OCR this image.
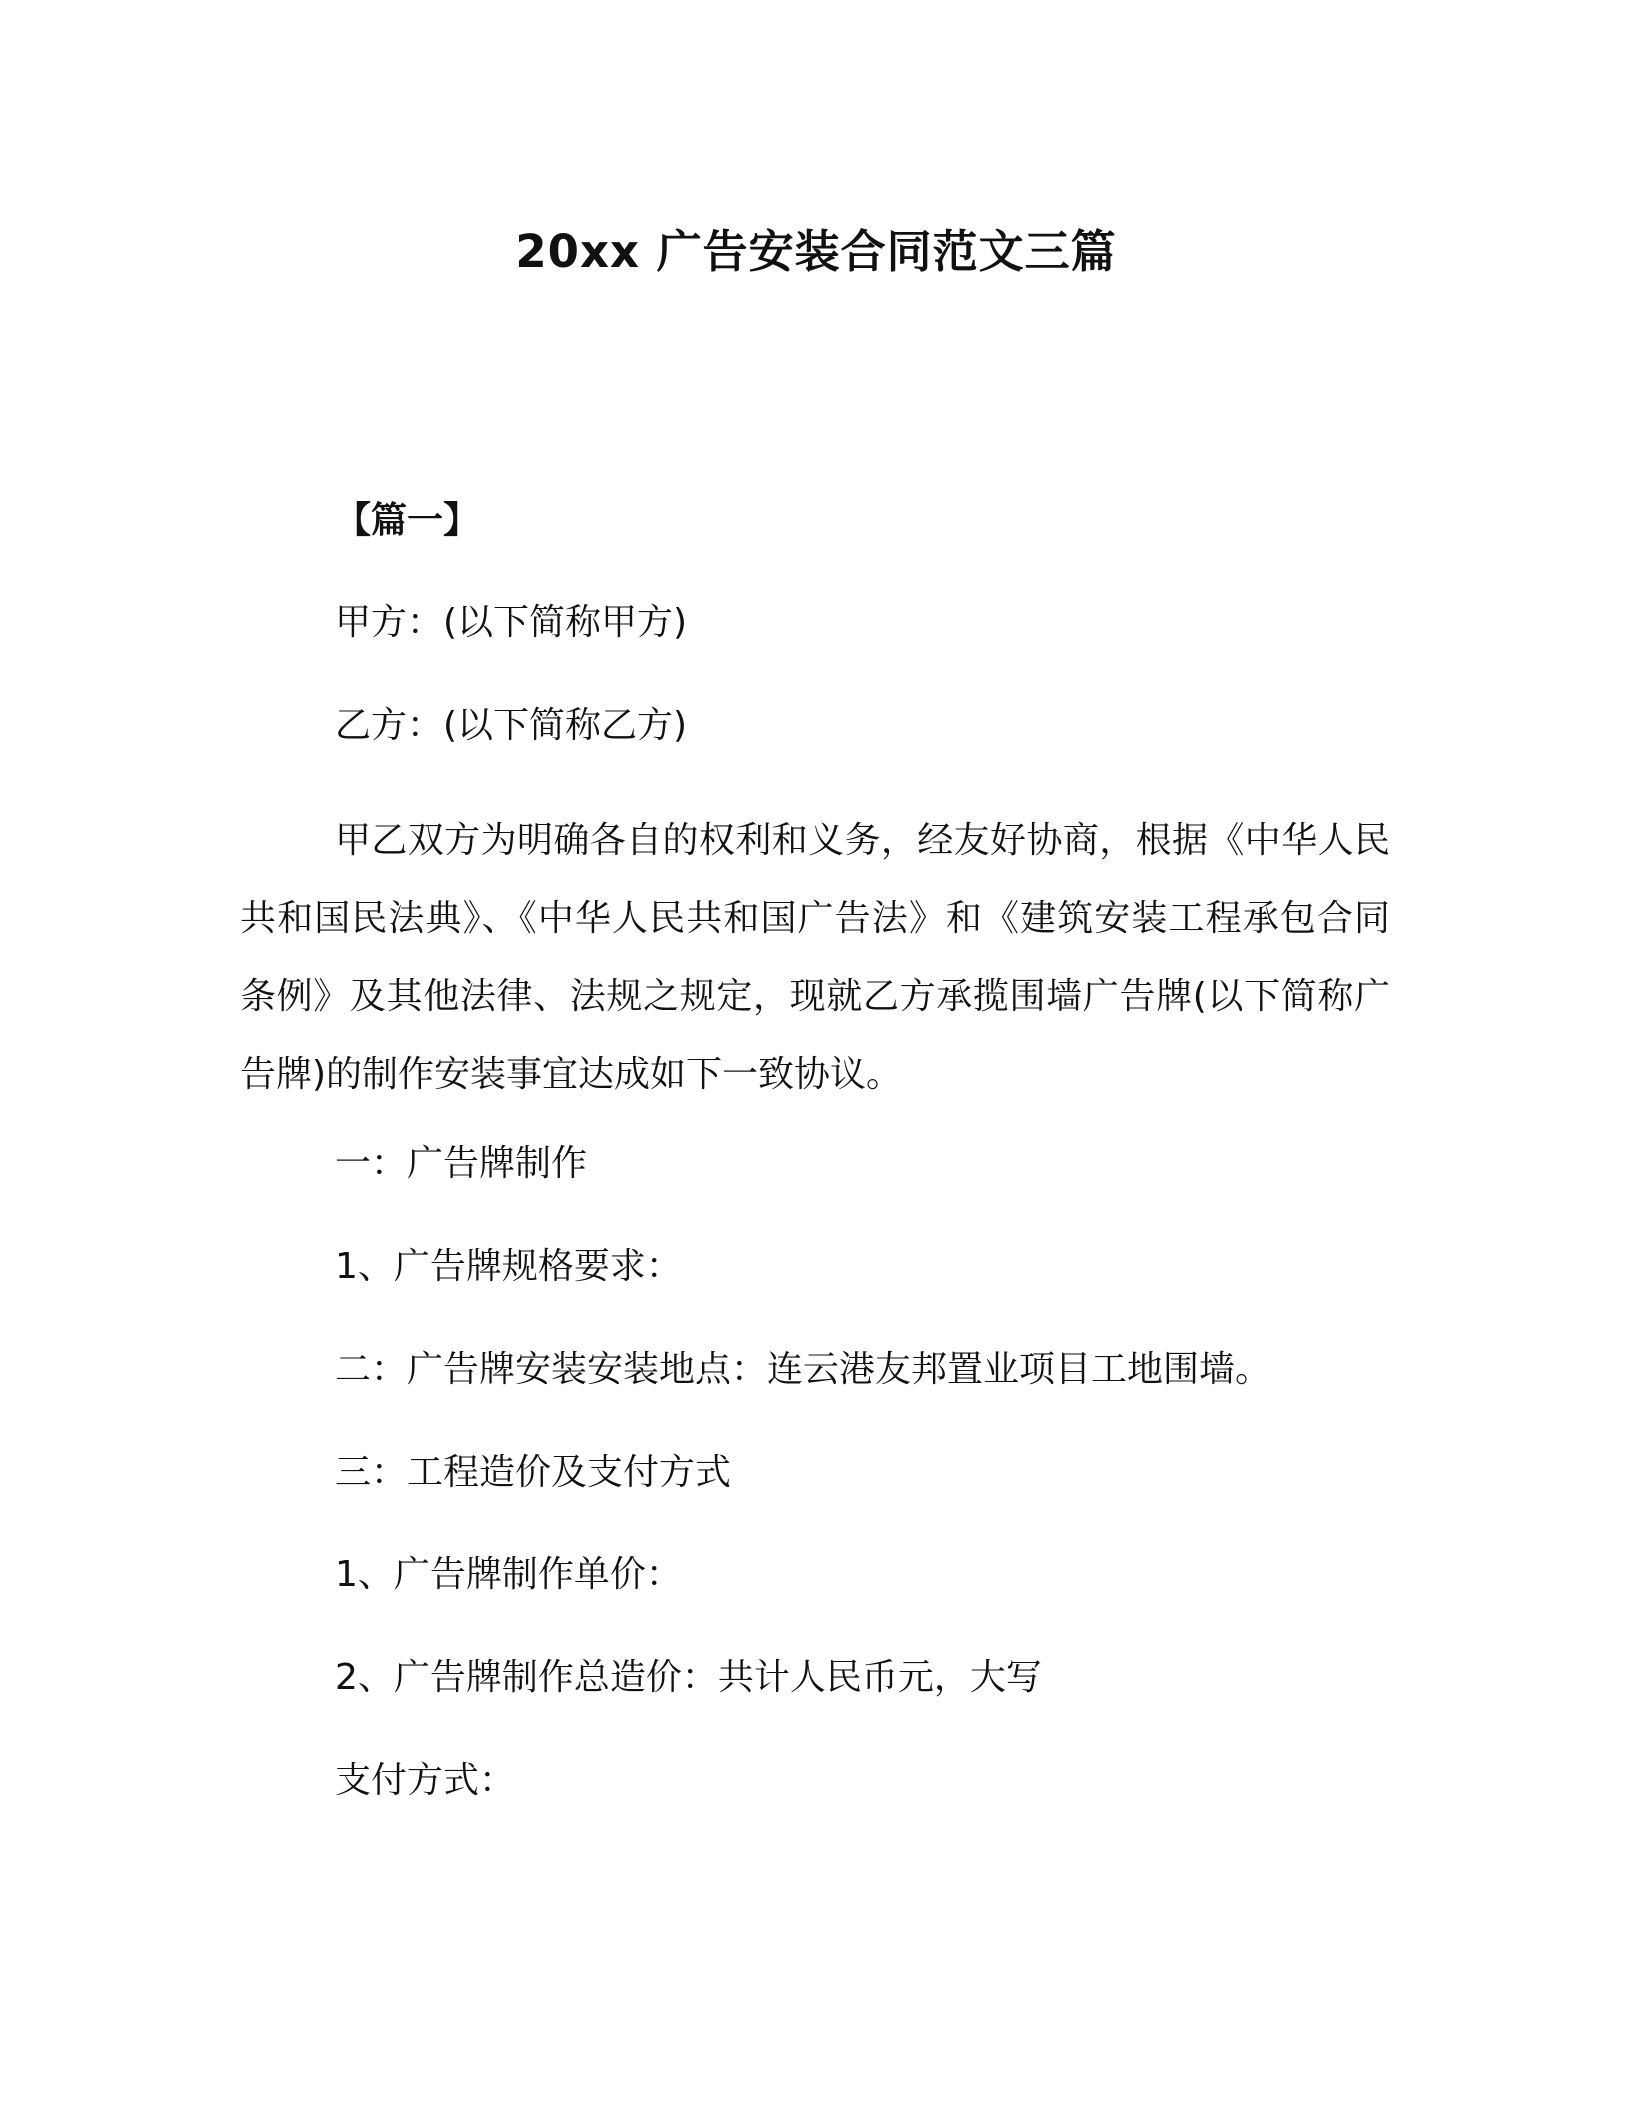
20xx 广告安装合同范文三篇
【篇一】
甲方：(以下简称甲方)
乙方：(以下简称乙方)
甲乙双方为明确各自的权利和义务，经友好协商，根据《中华人民共和国民法典》、《中华人民共和国广告法》和《建筑安装工程承包合同条例》及其他法律、法规之规定，现就乙方承揽围墙广告牌(以下简称广告牌)的制作安装事宜达成如下一致协议。
一：广告牌制作
1、广告牌规格要求：
二：广告牌安装安装地点：连云港友邦置业项目工地围墙。
三：工程造价及支付方式
1、广告牌制作单价：
2、广告牌制作总造价：共计人民币元，大写
支付方式：
